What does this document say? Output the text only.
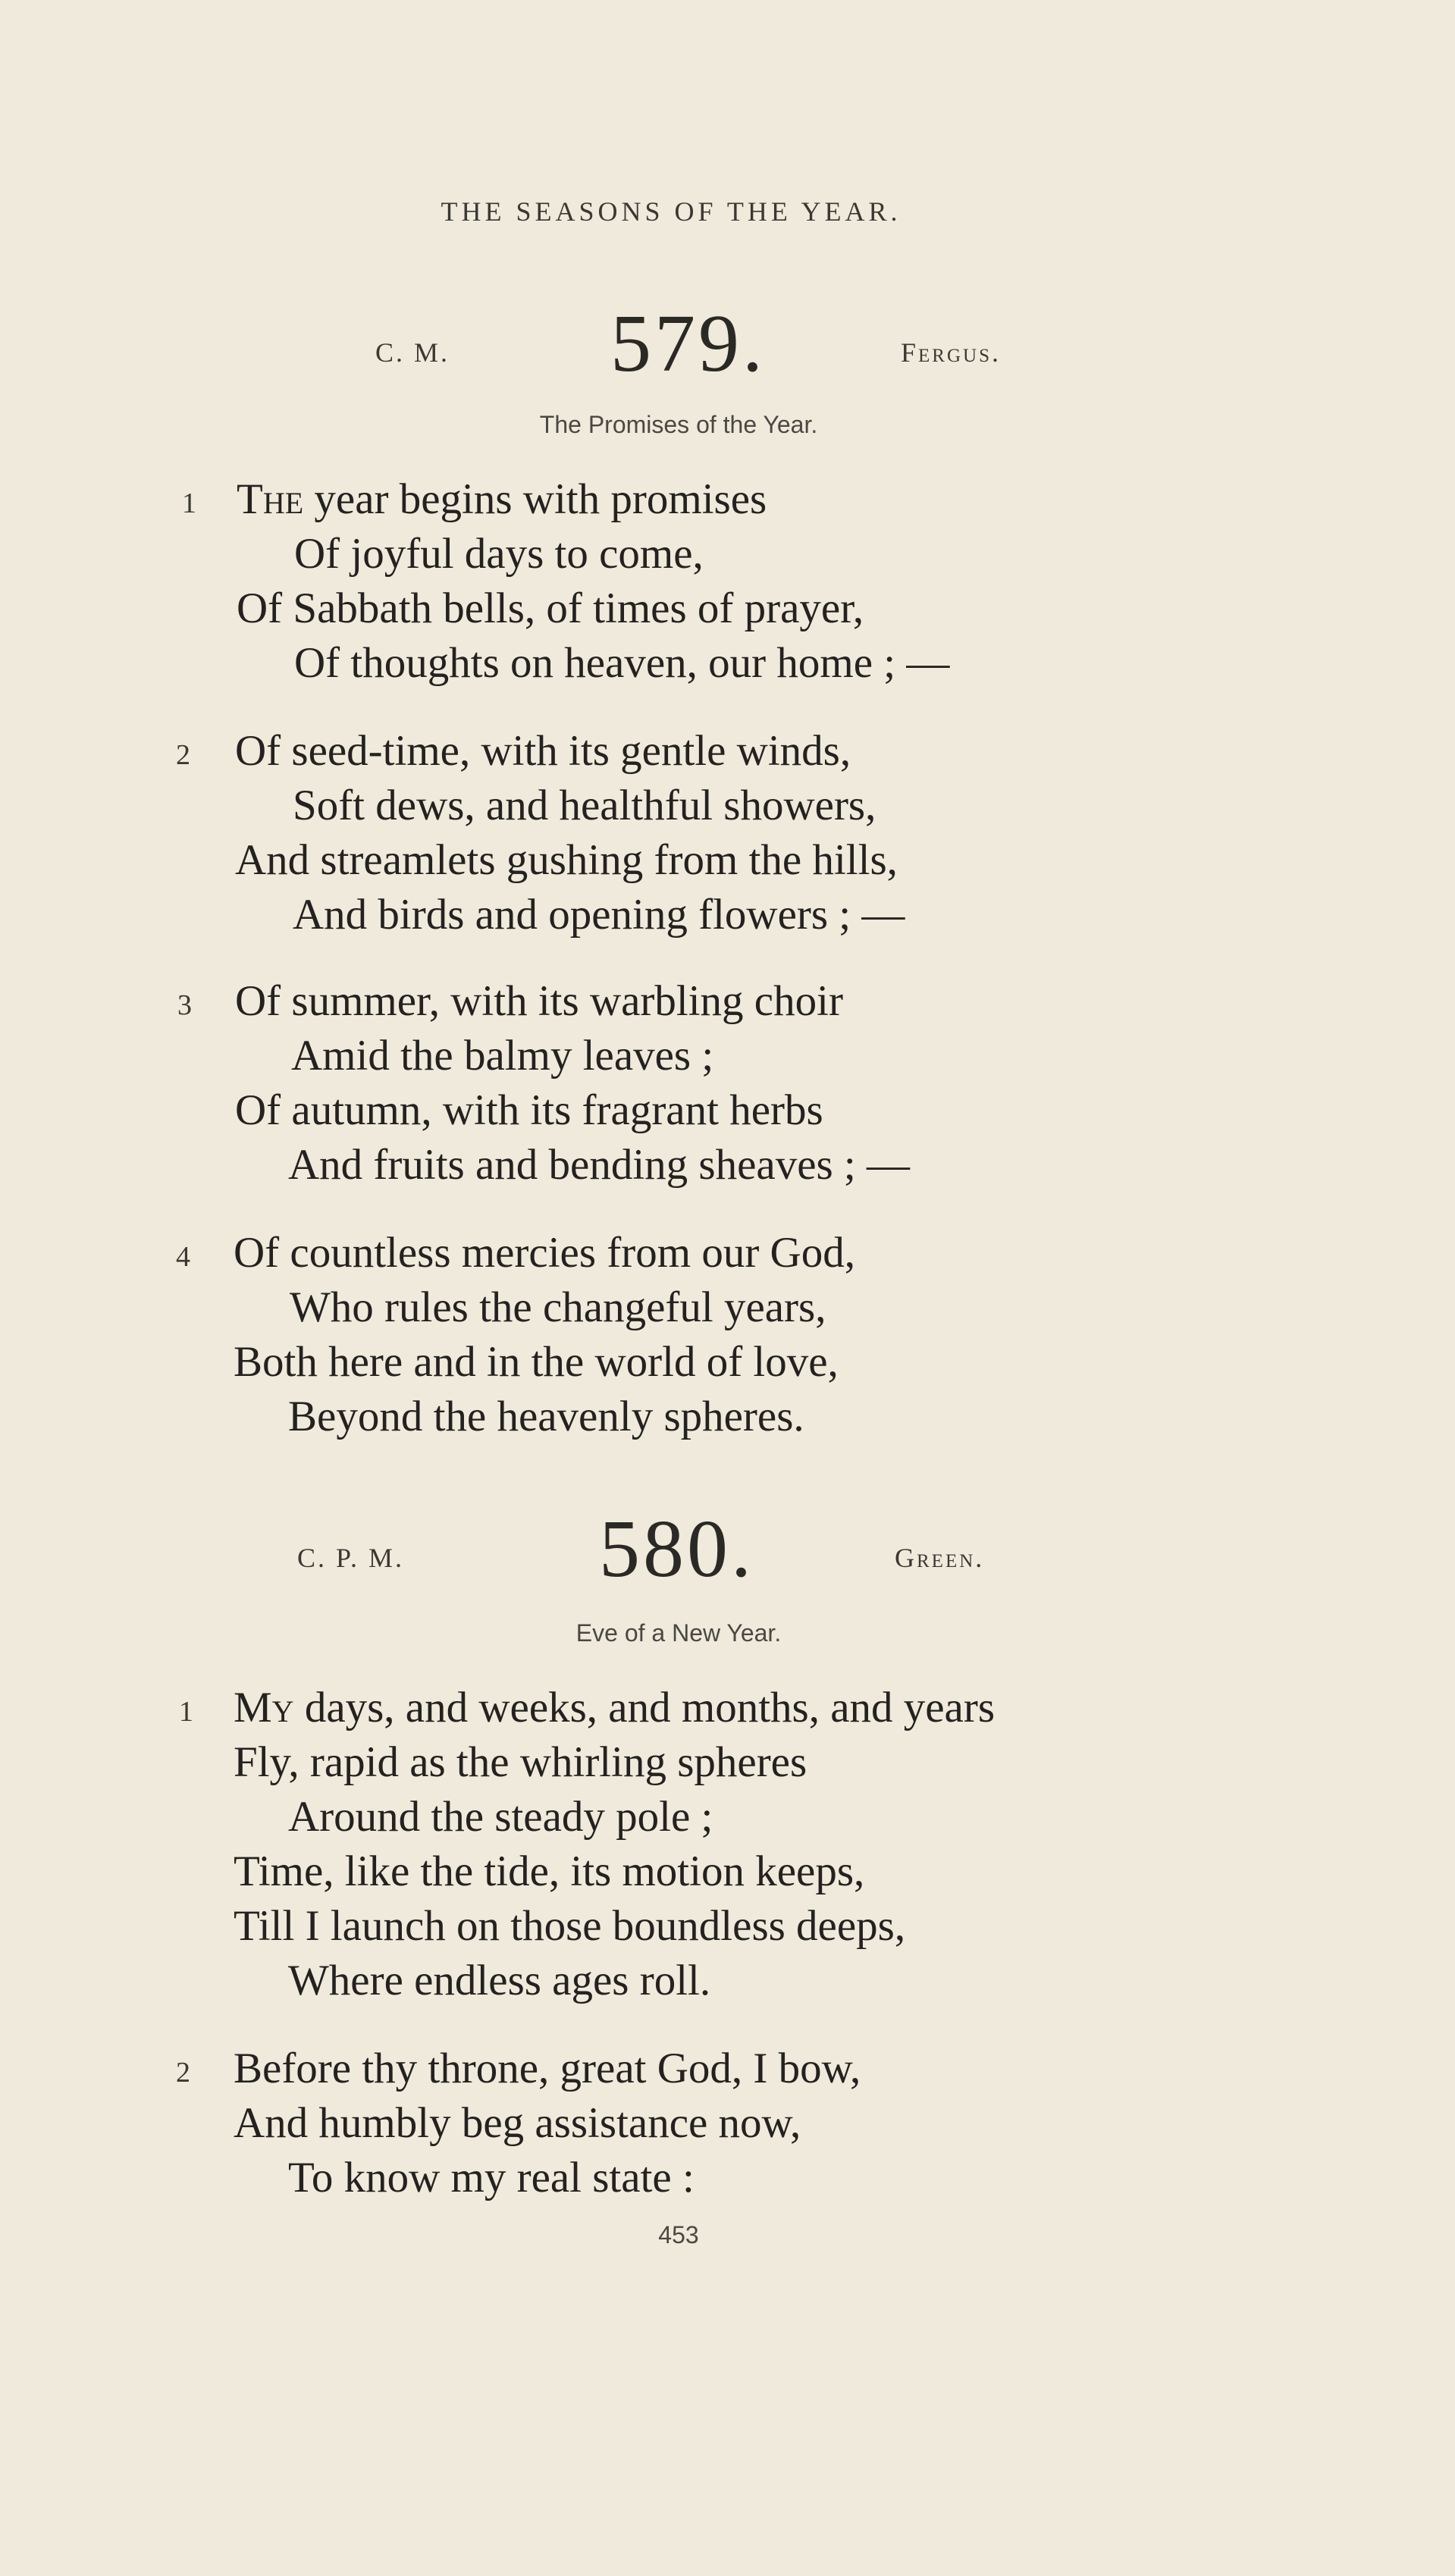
THE SEASONS OF THE YEAR.
C. M. 579.	Fergus.
The Promises of the Year.
1 The year begins with promises
Of joyful days to come,
Of Sabbath bells, of times of prayer,
Of thoughts on heaven, our home ; —
2 Of seed-time, with its gentle winds,
Soft dews, and healthful showers,
And streamlets gushing from the hills,
And birds and opening flowers ; —
3 Of summer, with its warbling choir
Amid the balmy leaves ;
Of autumn, with its fragrant herbs
And fruits and bending sheaves ; —
4 Of countless mercies from our God,
Who rules the changeful years,
Both here and in the world of love,
Beyond the heavenly spheres.
C. P. M. 580.	Green.
Eve of a New Year.
1 My days, and weeks, and months, and years
Fly, rapid as the whirling spheres
Around the steady pole ;
Time, like the tide, its motion keeps,
Till I launch on those boundless deeps,
Where endless ages roll.
2 Before thy throne, great God, I bow,
And humbly beg assistance now,
To know my real state :
453
